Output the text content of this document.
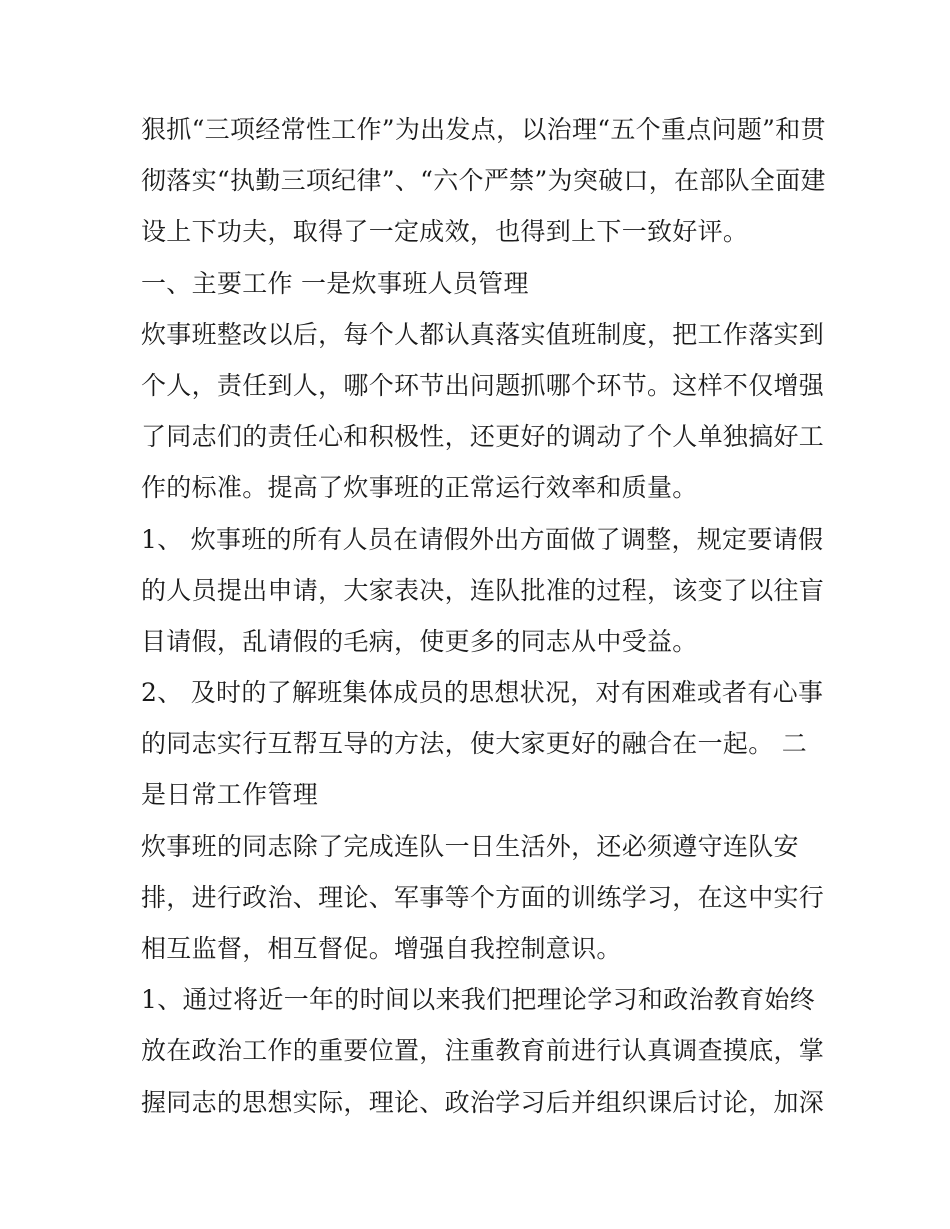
狠抓“三项经常性工作”为出发点，以治理“五个重点问题”和贯
彻落实“执勤三项纪律”、“六个严禁”为突破口，在部队全面建
设上下功夫，取得了一定成效，也得到上下一致好评。
一、主要工作 一是炊事班人员管理
炊事班整改以后，每个人都认真落实值班制度，把工作落实到
个人，责任到人，哪个环节出问题抓哪个环节。这样不仅增强
了同志们的责任心和积极性，还更好的调动了个人单独搞好工
作的标准。提高了炊事班的正常运行效率和质量。
1、 炊事班的所有人员在请假外出方面做了调整，规定要请假
的人员提出申请，大家表决，连队批准的过程，该变了以往盲
目请假，乱请假的毛病，使更多的同志从中受益。
2、 及时的了解班集体成员的思想状况，对有困难或者有心事
的同志实行互帮互导的方法，使大家更好的融合在一起。 二
是日常工作管理
炊事班的同志除了完成连队一日生活外，还必须遵守连队安
排，进行政治、理论、军事等个方面的训练学习，在这中实行
相互监督，相互督促。增强自我控制意识。
1、通过将近一年的时间以来我们把理论学习和政治教育始终
放在政治工作的重要位置，注重教育前进行认真调查摸底，掌
握同志的思想实际，理论、政治学习后并组织课后讨论，加深
